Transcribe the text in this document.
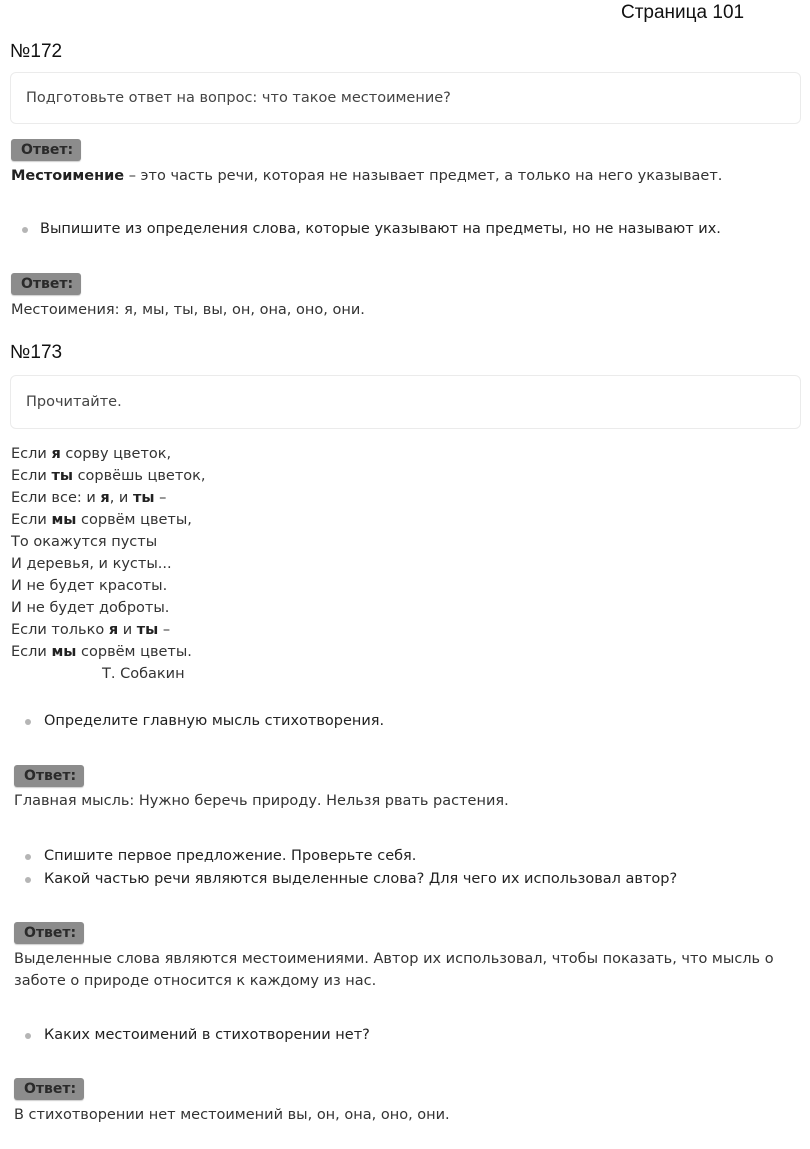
Страница 101
№172
Подготовьте ответ на вопрос: что такое местоимение?
Ответ:
Местоимение – это часть речи, которая не называет предмет, а только на него указывает.
Выпишите из определения слова, которые указывают на предметы, но не называют их.
Ответ:
Местоимения: я, мы, ты, вы, он, она, оно, они.
№173
Прочитайте.
Если я сорву цветок,
Если ты сорвёшь цветок,
Если все: и я, и ты –
Если мы сорвём цветы,
То окажутся пусты
И деревья, и кусты...
И не будет красоты.
И не будет доброты.
Если только я и ты –
Если мы сорвём цветы.
Т. Собакин
Определите главную мысль стихотворения.
Ответ:
Главная мысль: Нужно беречь природу. Нельзя рвать растения.
Спишите первое предложение. Проверьте себя.
Какой частью речи являются выделенные слова? Для чего их использовал автор?
Ответ:
Выделенные слова являются местоимениями. Автор их использовал, чтобы показать, что мысль о
заботе о природе относится к каждому из нас.
Каких местоимений в стихотворении нет?
Ответ:
В стихотворении нет местоимений вы, он, она, оно, они.
